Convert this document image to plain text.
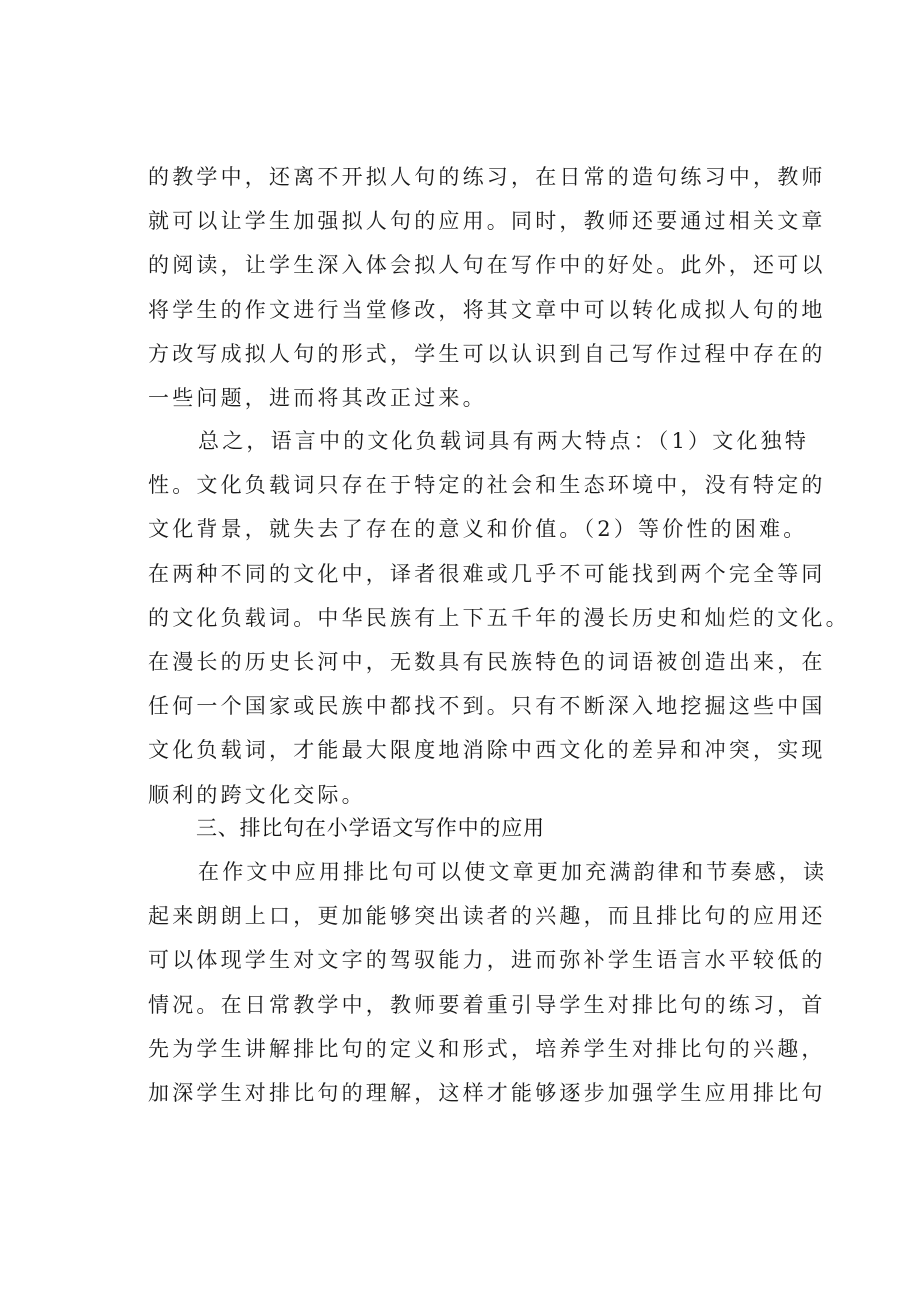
的教学中，还离不开拟人句的练习，在日常的造句练习中，教师
就可以让学生加强拟人句的应用。同时，教师还要通过相关文章
的阅读，让学生深入体会拟人句在写作中的好处。此外，还可以
将学生的作文进行当堂修改，将其文章中可以转化成拟人句的地
方改写成拟人句的形式，学生可以认识到自己写作过程中存在的
一些问题，进而将其改正过来。
总之，语言中的文化负载词具有两大特点：（1）文化独特
性。文化负载词只存在于特定的社会和生态环境中，没有特定的
文化背景，就失去了存在的意义和价值。（2）等价性的困难。
在两种不同的文化中，译者很难或几乎不可能找到两个完全等同
的文化负载词。中华民族有上下五千年的漫长历史和灿烂的文化。
在漫长的历史长河中，无数具有民族特色的词语被创造出来，在
任何一个国家或民族中都找不到。只有不断深入地挖掘这些中国
文化负载词，才能最大限度地消除中西文化的差异和冲突，实现
顺利的跨文化交际。
三、排比句在小学语文写作中的应用
在作文中应用排比句可以使文章更加充满韵律和节奏感，读
起来朗朗上口，更加能够突出读者的兴趣，而且排比句的应用还
可以体现学生对文字的驾驭能力，进而弥补学生语言水平较低的
情况。在日常教学中，教师要着重引导学生对排比句的练习，首
先为学生讲解排比句的定义和形式，培养学生对排比句的兴趣，
加深学生对排比句的理解，这样才能够逐步加强学生应用排比句
